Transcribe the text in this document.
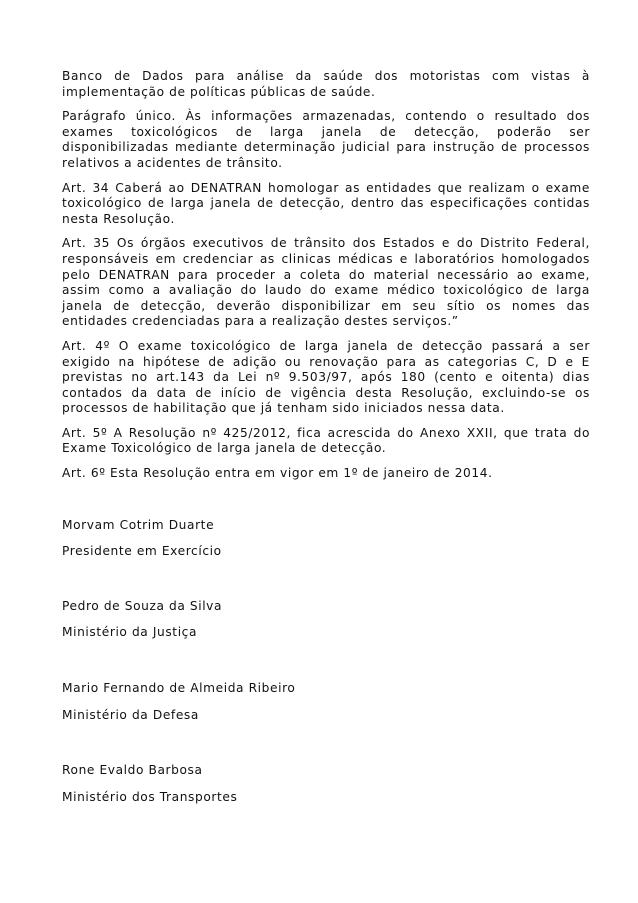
Banco de Dados para análise da saúde dos motoristas com vistas à implementação de políticas públicas de saúde.

Parágrafo único. Às informações armazenadas, contendo o resultado dos exames toxicológicos de larga janela de detecção, poderão ser disponibilizadas mediante determinação judicial para instrução de processos relativos a acidentes de trânsito.

Art. 34 Caberá ao DENATRAN homologar as entidades que realizam o exame toxicológico de larga janela de detecção, dentro das especificações contidas nesta Resolução.

Art. 35 Os órgãos executivos de trânsito dos Estados e do Distrito Federal, responsáveis em credenciar as clinicas médicas e laboratórios homologados pelo DENATRAN para proceder a coleta do material necessário ao exame, assim como a avaliação do laudo do exame médico toxicológico de larga janela de detecção, deverão disponibilizar em seu sítio os nomes das entidades credenciadas para a realização destes serviços.”

Art. 4º O exame toxicológico de larga janela de detecção passará a ser exigido na hipótese de adição ou renovação para as categorias C, D e E previstas no art.143 da Lei nº 9.503/97, após 180 (cento e oitenta) dias contados da data de início de vigência desta Resolução, excluindo-se os processos de habilitação que já tenham sido iniciados nessa data.

Art. 5º A Resolução nº 425/2012, fica acrescida do Anexo XXII, que trata do Exame Toxicológico de larga janela de detecção.

Art. 6º Esta Resolução entra em vigor em 1º de janeiro de 2014.

Morvam Cotrim Duarte

Presidente em Exercício

Pedro de Souza da Silva

Ministério da Justiça

Mario Fernando de Almeida Ribeiro

Ministério da Defesa

Rone Evaldo Barbosa

Ministério dos Transportes
